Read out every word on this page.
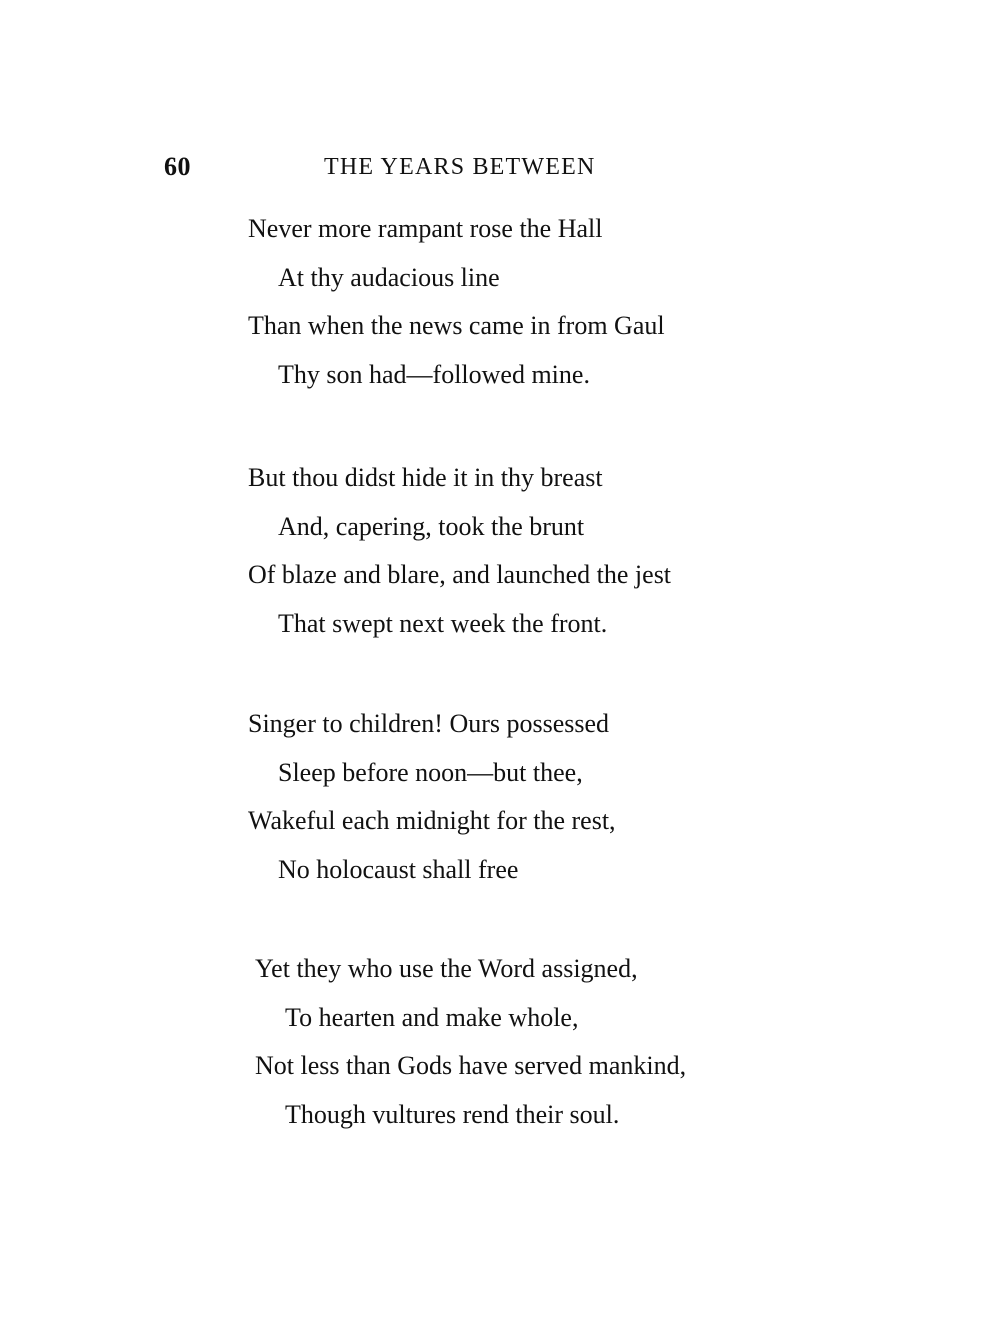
60	THE YEARS BETWEEN
Never more rampant rose the Hall
At thy audacious line
Than when the news came in from Gaul
Thy son had—followed mine.
But thou didst hide it in thy breast
And, capering, took the brunt
Of blaze and blare, and launched the jest
That swept next week the front.
Singer to children! Ours possessed
Sleep before noon—but thee,
Wakeful each midnight for the rest,
No holocaust shall free
Yet they who use the Word assigned,
To hearten and make whole,
Not less than Gods have served mankind,
Though vultures rend their soul.
